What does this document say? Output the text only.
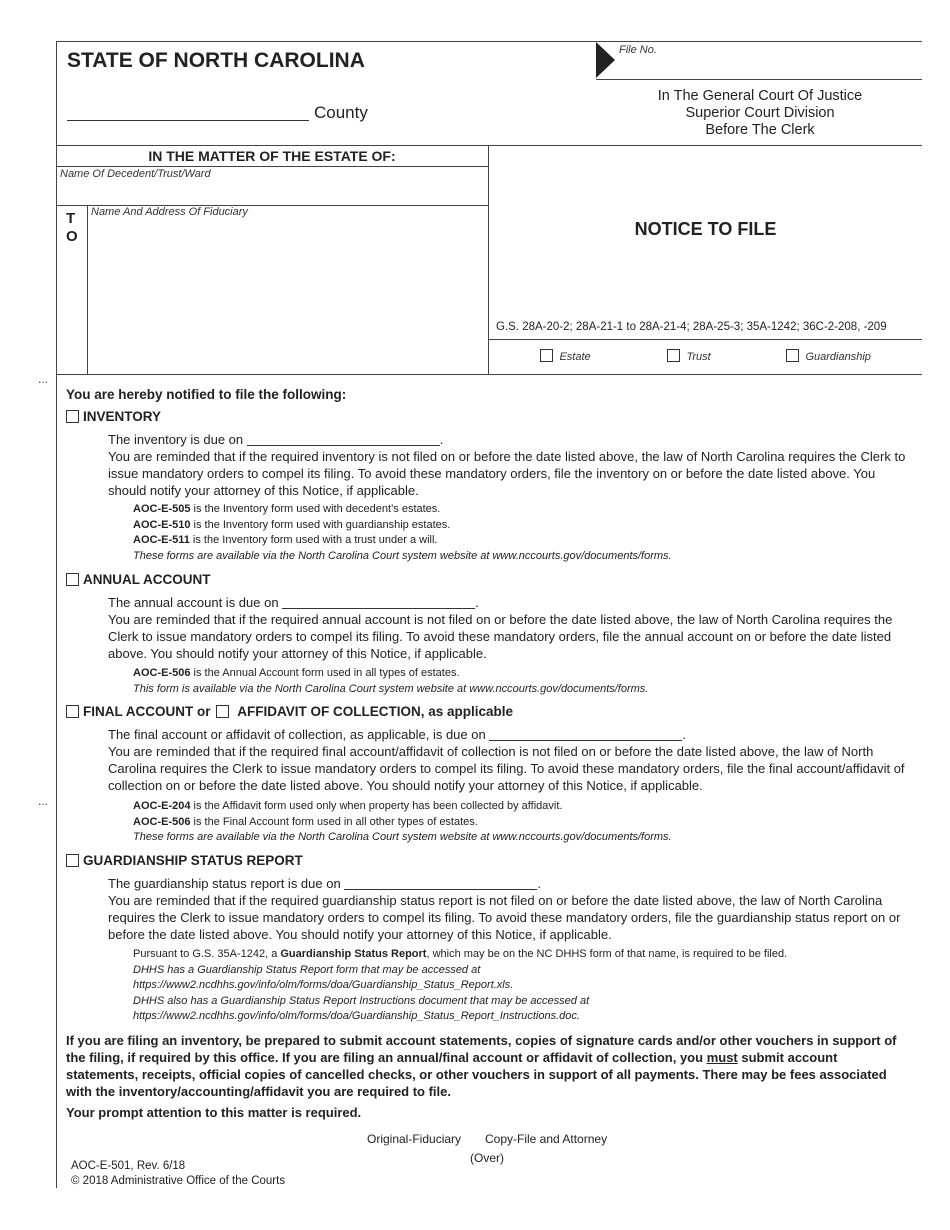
STATE OF NORTH CAROLINA	File No.
County
In The General Court Of Justice
Superior Court Division
Before The Clerk
IN THE MATTER OF THE ESTATE OF:
Name Of Decedent/Trust/Ward
T
O
Name And Address Of Fiduciary
NOTICE TO FILE
G.S. 28A-20-2; 28A-21-1 to 28A-21-4; 28A-25-3; 35A-1242; 36C-2-208, -209
Estate	Trust	Guardianship
...
...
You are hereby notified to file the following:
INVENTORY
The inventory is due on	.
You are reminded that if the required inventory is not filed on or before the date listed above, the law of North Carolina requires the Clerk to issue mandatory orders to compel its filing. To avoid these mandatory orders, file the inventory on or before the date listed above. You should notify your attorney of this Notice, if applicable.
AOC-E-505 is the Inventory form used with decedent’s estates.
AOC-E-510 is the Inventory form used with guardianship estates.
AOC-E-511 is the Inventory form used with a trust under a will.
These forms are available via the North Carolina Court system website at www.nccourts.gov/documents/forms.
ANNUAL ACCOUNT
The annual account is due on	.
You are reminded that if the required annual account is not filed on or before the date listed above, the law of North Carolina requires the Clerk to issue mandatory orders to compel its filing. To avoid these mandatory orders, file the annual account on or before the date listed above. You should notify your attorney of this Notice, if applicable.
AOC-E-506 is the Annual Account form used in all types of estates.
This form is available via the North Carolina Court system website at www.nccourts.gov/documents/forms.
FINAL ACCOUNT or AFFIDAVIT OF COLLECTION, as applicable
The final account or affidavit of collection, as applicable, is due on	.
You are reminded that if the required final account/affidavit of collection is not filed on or before the date listed above, the law of North Carolina requires the Clerk to issue mandatory orders to compel its filing. To avoid these mandatory orders, file the final account/affidavit of collection on or before the date listed above. You should notify your attorney of this Notice, if applicable.
AOC-E-204 is the Affidavit form used only when property has been collected by affidavit.
AOC-E-506 is the Final Account form used in all other types of estates.
These forms are available via the North Carolina Court system website at www.nccourts.gov/documents/forms.
GUARDIANSHIP STATUS REPORT
The guardianship status report is due on	.
You are reminded that if the required guardianship status report is not filed on or before the date listed above, the law of North Carolina requires the Clerk to issue mandatory orders to compel its filing. To avoid these mandatory orders, file the guardianship status report on or before the date listed above. You should notify your attorney of this Notice, if applicable.
Pursuant to G.S. 35A-1242, a Guardianship Status Report, which may be on the NC DHHS form of that name, is required to be filed.
DHHS has a Guardianship Status Report form that may be accessed at
https://www2.ncdhhs.gov/info/olm/forms/doa/Guardianship_Status_Report.xls.
DHHS also has a Guardianship Status Report Instructions document that may be accessed at
https://www2.ncdhhs.gov/info/olm/forms/doa/Guardianship_Status_Report_Instructions.doc.
If you are filing an inventory, be prepared to submit account statements, copies of signature cards and/or other vouchers in support of the filing, if required by this office. If you are filing an annual/final account or affidavit of collection, you must submit account statements, receipts, official copies of cancelled checks, or other vouchers in support of all payments. There may be fees associated with the inventory/accounting/affidavit you are required to file.
Your prompt attention to this matter is required.
Original-Fiduciary Copy-File and Attorney
(Over)
AOC-E-501, Rev. 6/18
© 2018 Administrative Office of the Courts
